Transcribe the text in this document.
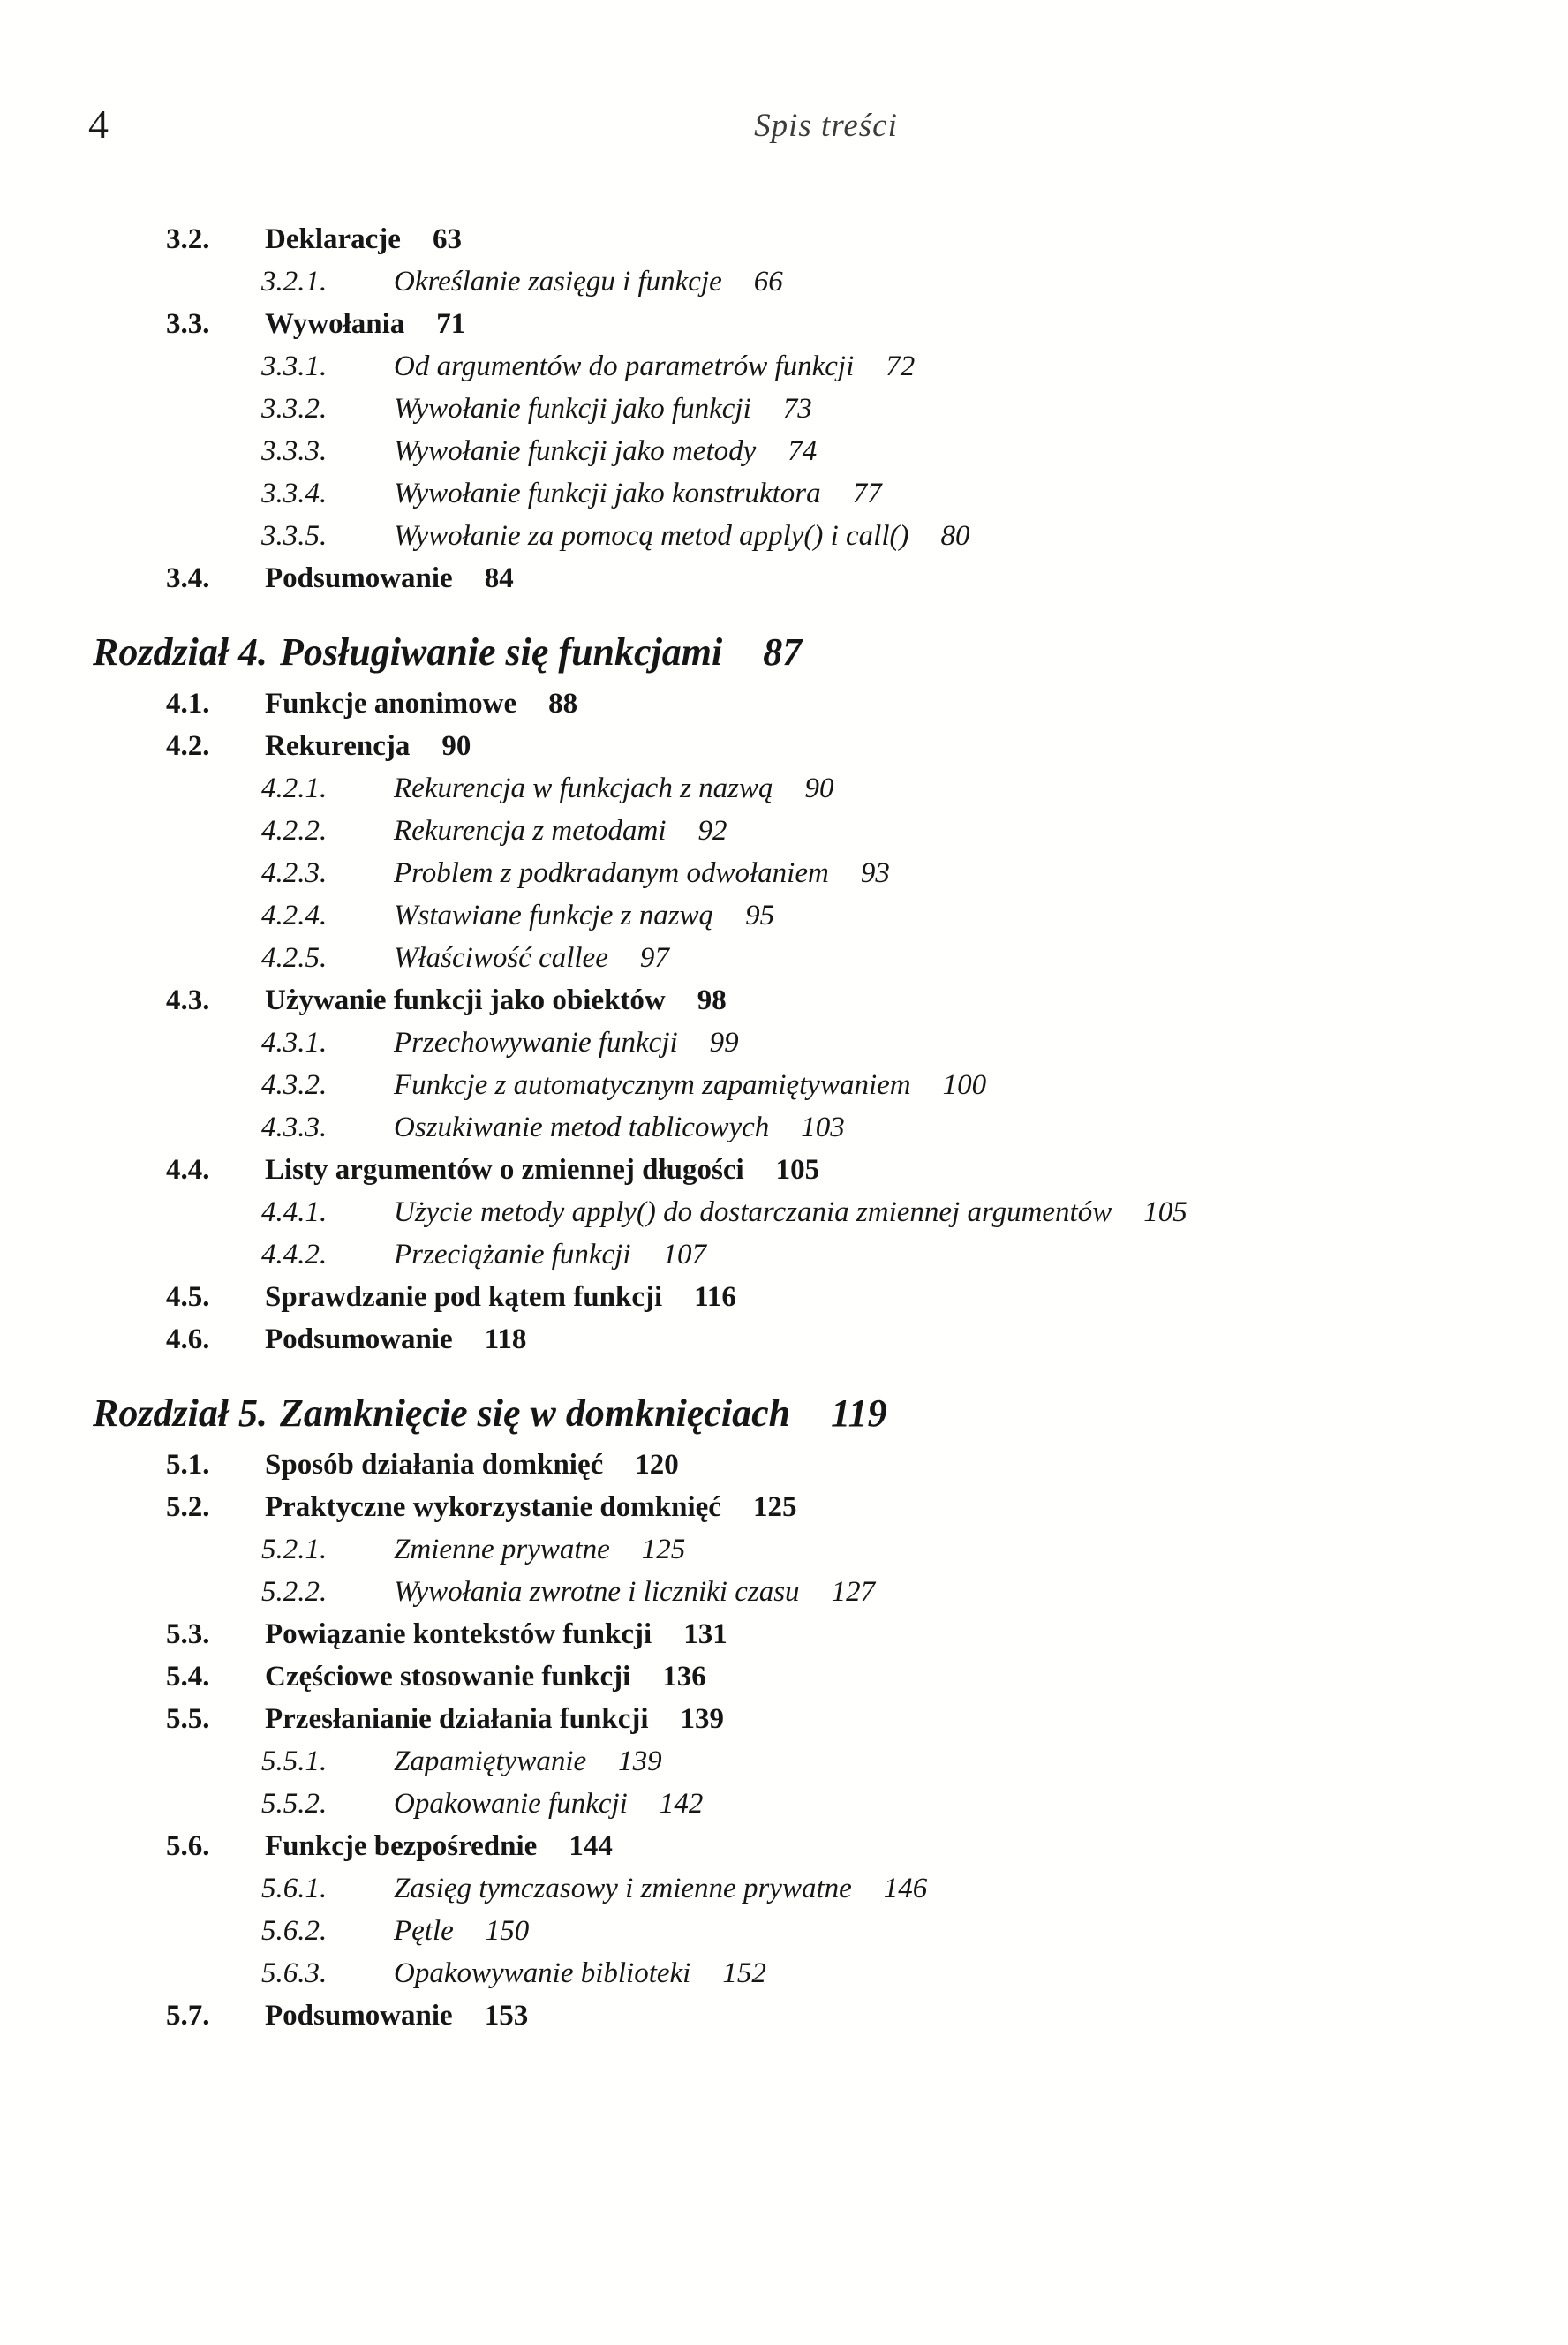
4	Spis treści
3.2.	Deklaracje 63
3.2.1.	Określanie zasięgu i funkcje 66
3.3.	Wywołania 71
3.3.1.	Od argumentów do parametrów funkcji 72
3.3.2.	Wywołanie funkcji jako funkcji 73
3.3.3.	Wywołanie funkcji jako metody 74
3.3.4.	Wywołanie funkcji jako konstruktora 77
3.3.5.	Wywołanie za pomocą metod apply() i call() 80
3.4.	Podsumowanie 84
Rozdział 4. Posługiwanie się funkcjami 87
4.1.	Funkcje anonimowe 88
4.2.	Rekurencja 90
4.2.1.	Rekurencja w funkcjach z nazwą 90
4.2.2.	Rekurencja z metodami 92
4.2.3.	Problem z podkradanym odwołaniem 93
4.2.4.	Wstawiane funkcje z nazwą 95
4.2.5.	Właściwość callee 97
4.3.	Używanie funkcji jako obiektów 98
4.3.1.	Przechowywanie funkcji 99
4.3.2.	Funkcje z automatycznym zapamiętywaniem 100
4.3.3.	Oszukiwanie metod tablicowych 103
4.4.	Listy argumentów o zmiennej długości 105
4.4.1.	Użycie metody apply() do dostarczania zmiennej argumentów 105
4.4.2.	Przeciążanie funkcji 107
4.5.	Sprawdzanie pod kątem funkcji 116
4.6.	Podsumowanie 118
Rozdział 5. Zamknięcie się w domknięciach 119
5.1.	Sposób działania domknięć 120
5.2.	Praktyczne wykorzystanie domknięć 125
5.2.1.	Zmienne prywatne 125
5.2.2.	Wywołania zwrotne i liczniki czasu 127
5.3.	Powiązanie kontekstów funkcji 131
5.4.	Częściowe stosowanie funkcji 136
5.5.	Przesłanianie działania funkcji 139
5.5.1.	Zapamiętywanie 139
5.5.2.	Opakowanie funkcji 142
5.6.	Funkcje bezpośrednie 144
5.6.1.	Zasięg tymczasowy i zmienne prywatne 146
5.6.2.	Pętle 150
5.6.3.	Opakowywanie biblioteki 152
5.7.	Podsumowanie 153
